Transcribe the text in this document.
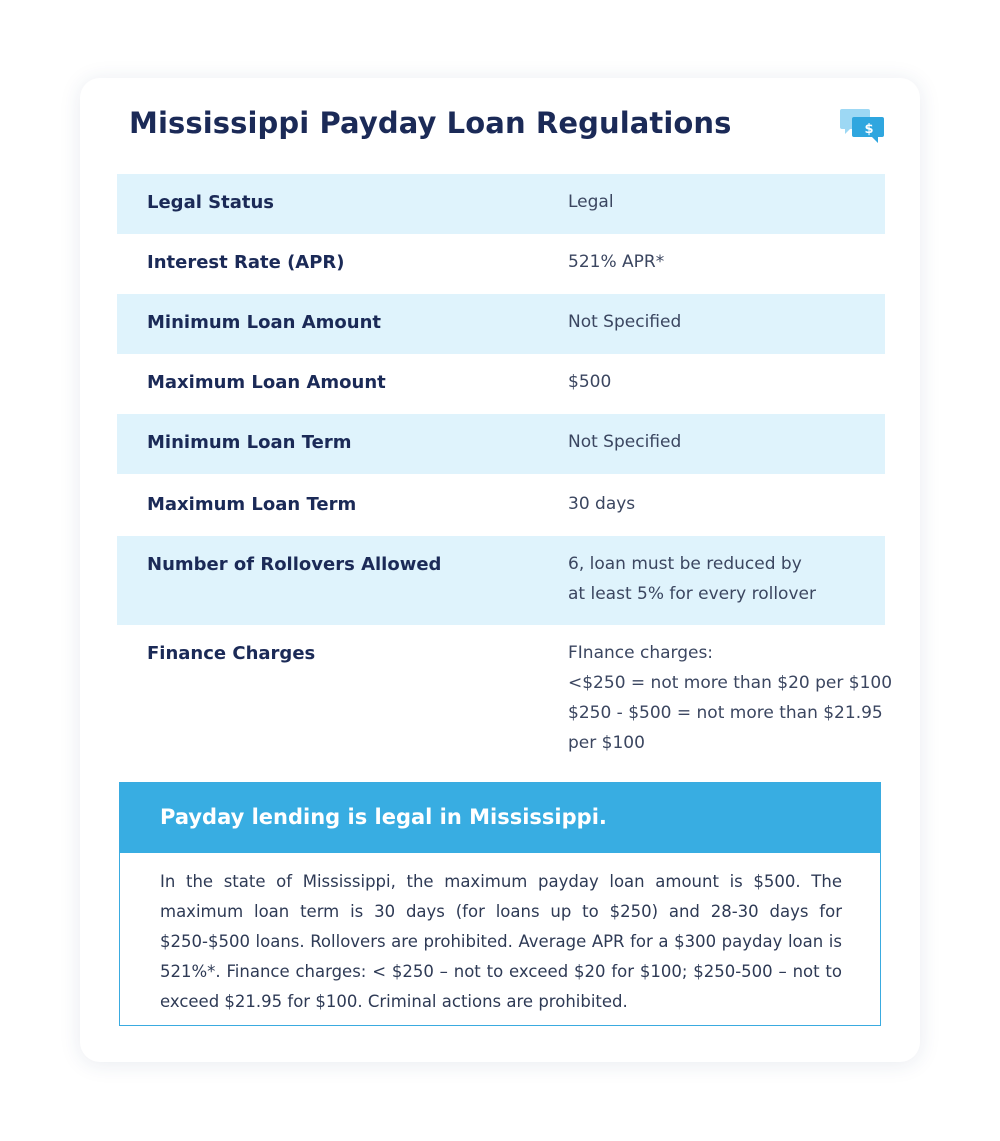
Mississippi Payday Loan Regulations	$
Legal Status	Legal
Interest Rate (APR)	521% APR*
Minimum Loan Amount	Not Specified
Maximum Loan Amount	$500
Minimum Loan Term	Not Specified
Maximum Loan Term	30 days
Number of Rollovers Allowed	6, loan must be reduced by
at least 5% for every rollover
Finance Charges	FInance charges:
<$250 = not more than $20 per $100
$250 - $500 = not more than $21.95
per $100
Payday lending is legal in Mississippi.

In the state of Mississippi, the maximum payday loan amount is $500. The maximum loan term is 30 days (for loans up to $250) and 28-30 days for $250-$500 loans. Rollovers are prohibited. Average APR for a $300 payday loan is 521%*. Finance charges: < $250 – not to exceed $20 for $100; $250-500 – not to exceed $21.95 for $100. Criminal actions are prohibited.
